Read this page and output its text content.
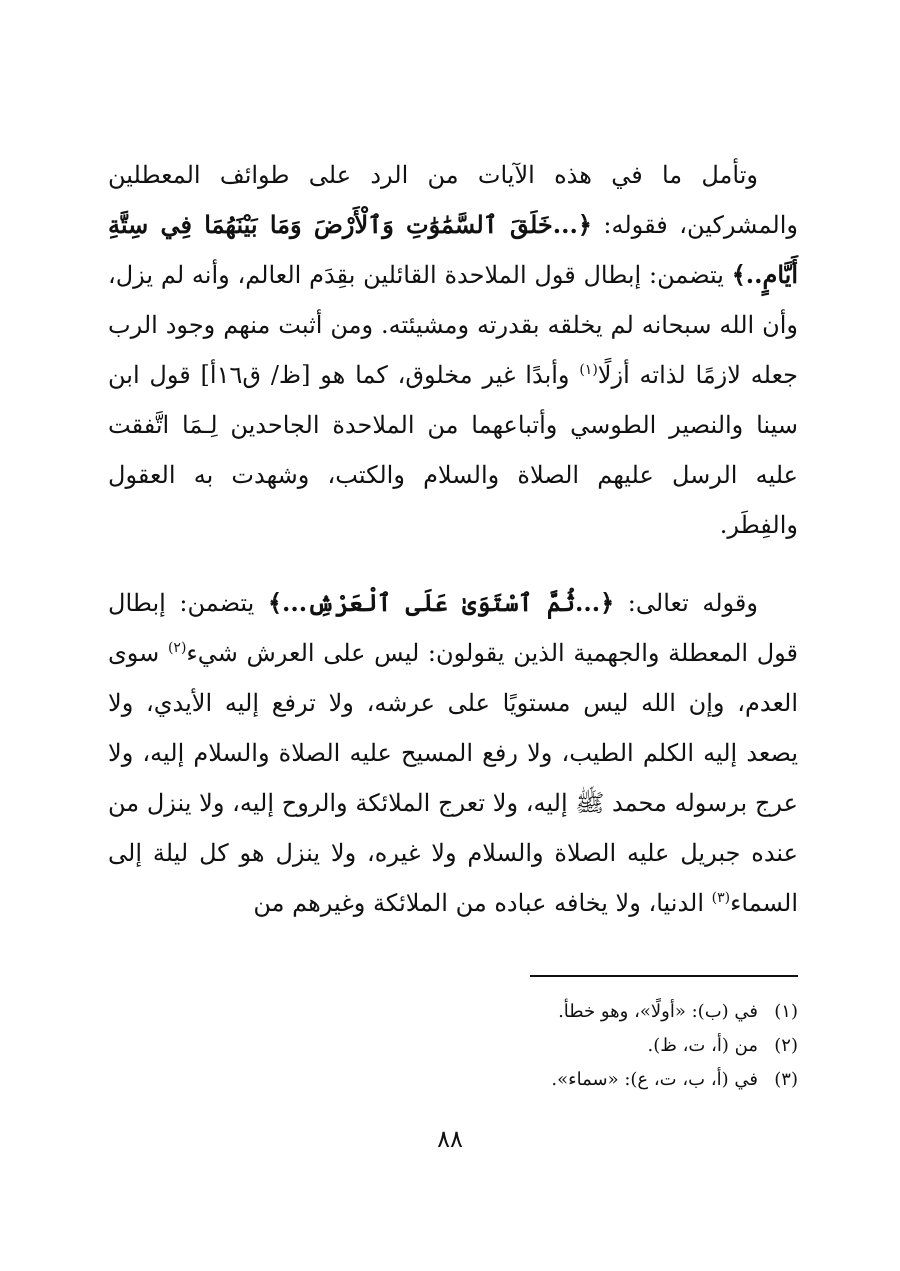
وتأمل ما في هذه الآيات من الرد على طوائف المعطلين والمشركين، فقوله: ﴿...خَلَقَ ٱلسَّمَٰوَٰتِ وَٱلْأَرْضَ وَمَا بَيْنَهُمَا فِي سِتَّةِ أَيَّامٍ..﴾ يتضمن: إبطال قول الملاحدة القائلين بقِدَم العالم، وأنه لم يزل، وأن الله سبحانه لم يخلقه بقدرته ومشيئته. ومن أثبت منهم وجود الرب جعله لازمًا لذاته أزلًا$^{(١)}$ وأبدًا غير مخلوق، كما هو [ظ/ ق١٦أ] قول ابن سينا والنصير الطوسي وأتباعهما من الملاحدة الجاحدين لِـمَا اتَّفقت عليه الرسل عليهم الصلاة والسلام والكتب، وشهدت به العقول والفِطَر.

وقوله تعالى: ﴿...ثُمَّ ٱسْتَوَىٰ عَلَى ٱلْعَرْشِ...﴾ يتضمن: إبطال قول المعطلة والجهمية الذين يقولون: ليس على العرش شيء$^{(٢)}$ سوى العدم، وإن الله ليس مستويًا على عرشه، ولا ترفع إليه الأيدي، ولا يصعد إليه الكلم الطيب، ولا رفع المسيح عليه الصلاة والسلام إليه، ولا عرج برسوله محمد ﷺ إليه، ولا تعرج الملائكة والروح إليه، ولا ينزل من عنده جبريل عليه الصلاة والسلام ولا غيره، ولا ينزل هو كل ليلة إلى السماء$^{(٣)}$ الدنيا، ولا يخافه عباده من الملائكة وغيرهم من

(١)في (ب): «أولًا»، وهو خطأ.
(٢)من (أ، ت، ظ).
(٣)في (أ، ب، ت، ع): «سماء».
٨٨
